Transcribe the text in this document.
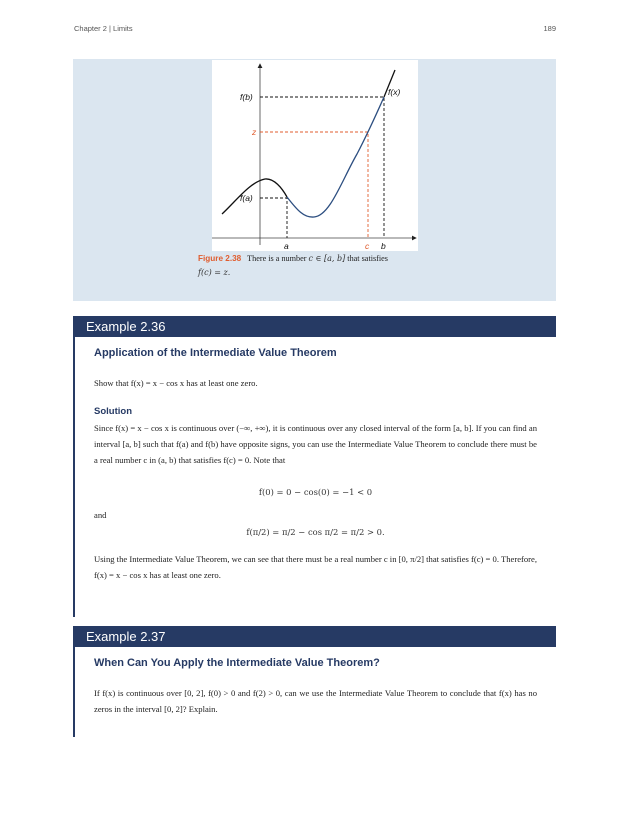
Chapter 2 | Limits	189
f(b)
z
f(a)
f(x)
a	c b
Figure 2.38 There is a number c ∈ [a, b] that satisfies
f(c) = z.
Example 2.36
Application of the Intermediate Value Theorem
Show that f(x) = x − cos x has at least one zero.
Solution
Since f(x) = x − cos x is continuous over (−∞, +∞), it is continuous over any closed interval of the form [a, b]. If you can find an interval [a, b] such that f(a) and f(b) have opposite signs, you can use the Intermediate Value Theorem to conclude there must be a real number c in (a, b) that satisfies f(c) = 0. Note that
f(0) = 0 − cos(0) = −1 < 0
and
f(π/2) = π/2 − cos π/2 = π/2 > 0.
Using the Intermediate Value Theorem, we can see that there must be a real number c in [0, π/2] that satisfies f(c) = 0. Therefore, f(x) = x − cos x has at least one zero.
Example 2.37
When Can You Apply the Intermediate Value Theorem?
If f(x) is continuous over [0, 2], f(0) > 0 and f(2) > 0, can we use the Intermediate Value Theorem to conclude that f(x) has no zeros in the interval [0, 2]? Explain.
